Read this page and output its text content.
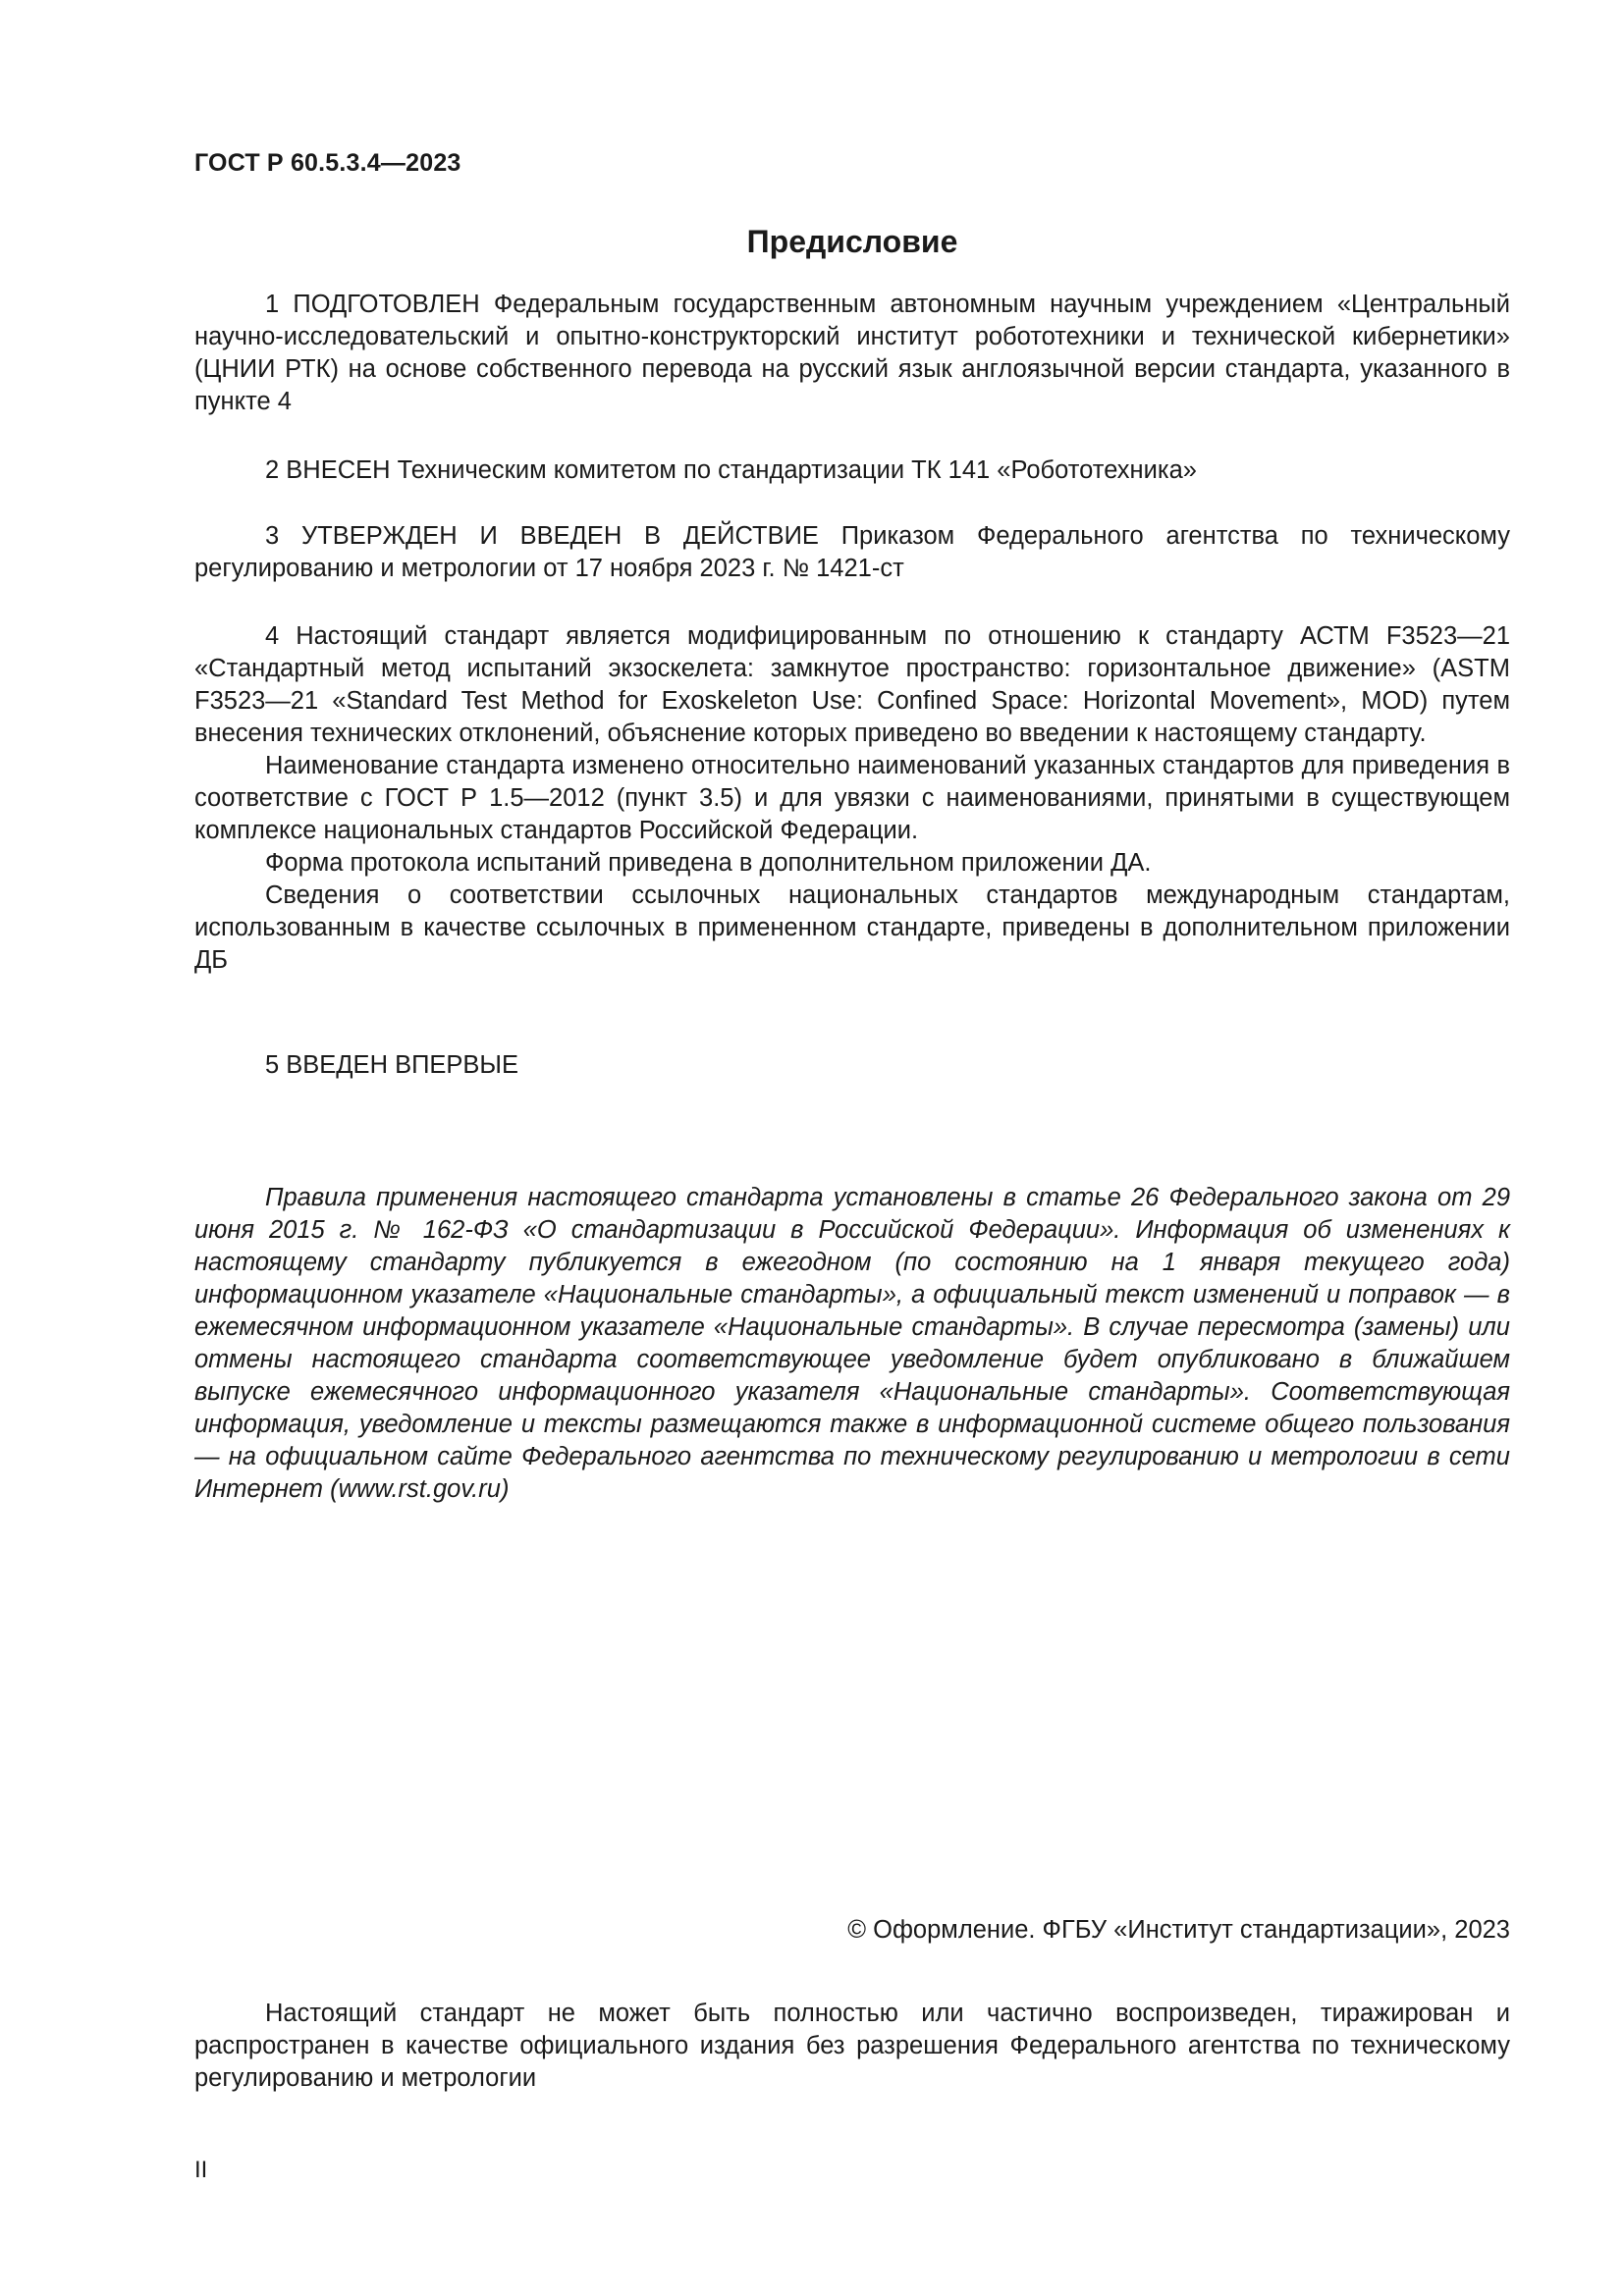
ГОСТ Р 60.5.3.4—2023
Предисловие

1 ПОДГОТОВЛЕН Федеральным государственным автономным научным учреждением «Центральный научно-исследовательский и опытно-конструкторский институт робототехники и технической кибернетики» (ЦНИИ РТК) на основе собственного перевода на русский язык англоязычной версии стандарта, указанного в пункте 4

2 ВНЕСЕН Техническим комитетом по стандартизации ТК 141 «Робототехника»

3 УТВЕРЖДЕН И ВВЕДЕН В ДЕЙСТВИЕ Приказом Федерального агентства по техническому регулированию и метрологии от 17 ноября 2023 г. № 1421-ст

4 Настоящий стандарт является модифицированным по отношению к стандарту АСТМ F3523—21 «Стандартный метод испытаний экзоскелета: замкнутое пространство: горизонтальное движение» (ASTM F3523—21 «Standard Test Method for Exoskeleton Use: Confined Space: Horizontal Movement», MOD) путем внесения технических отклонений, объяснение которых приведено во введении к настоящему стандарту.

Наименование стандарта изменено относительно наименований указанных стандартов для приведения в соответствие с ГОСТ Р 1.5—2012 (пункт 3.5) и для увязки с наименованиями, принятыми в существующем комплексе национальных стандартов Российской Федерации.

Форма протокола испытаний приведена в дополнительном приложении ДА.

Сведения о соответствии ссылочных национальных стандартов международным стандартам, использованным в качестве ссылочных в примененном стандарте, приведены в дополнительном приложении ДБ

5 ВВЕДЕН ВПЕРВЫЕ

Правила применения настоящего стандарта установлены в статье 26 Федерального закона от 29 июня 2015 г. № 162-ФЗ «О стандартизации в Российской Федерации». Информация об изменениях к настоящему стандарту публикуется в ежегодном (по состоянию на 1 января текущего года) информационном указателе «Национальные стандарты», а официальный текст изменений и поправок — в ежемесячном информационном указателе «Национальные стандарты». В случае пересмотра (замены) или отмены настоящего стандарта соответствующее уведомление будет опубликовано в ближайшем выпуске ежемесячного информационного указателя «Национальные стандарты». Соответствующая информация, уведомление и тексты размещаются также в информационной системе общего пользования — на официальном сайте Федерального агентства по техническому регулированию и метрологии в сети Интернет (www.rst.gov.ru)

© Оформление. ФГБУ «Институт стандартизации», 2023

Настоящий стандарт не может быть полностью или частично воспроизведен, тиражирован и распространен в качестве официального издания без разрешения Федерального агентства по техническому регулированию и метрологии

II
